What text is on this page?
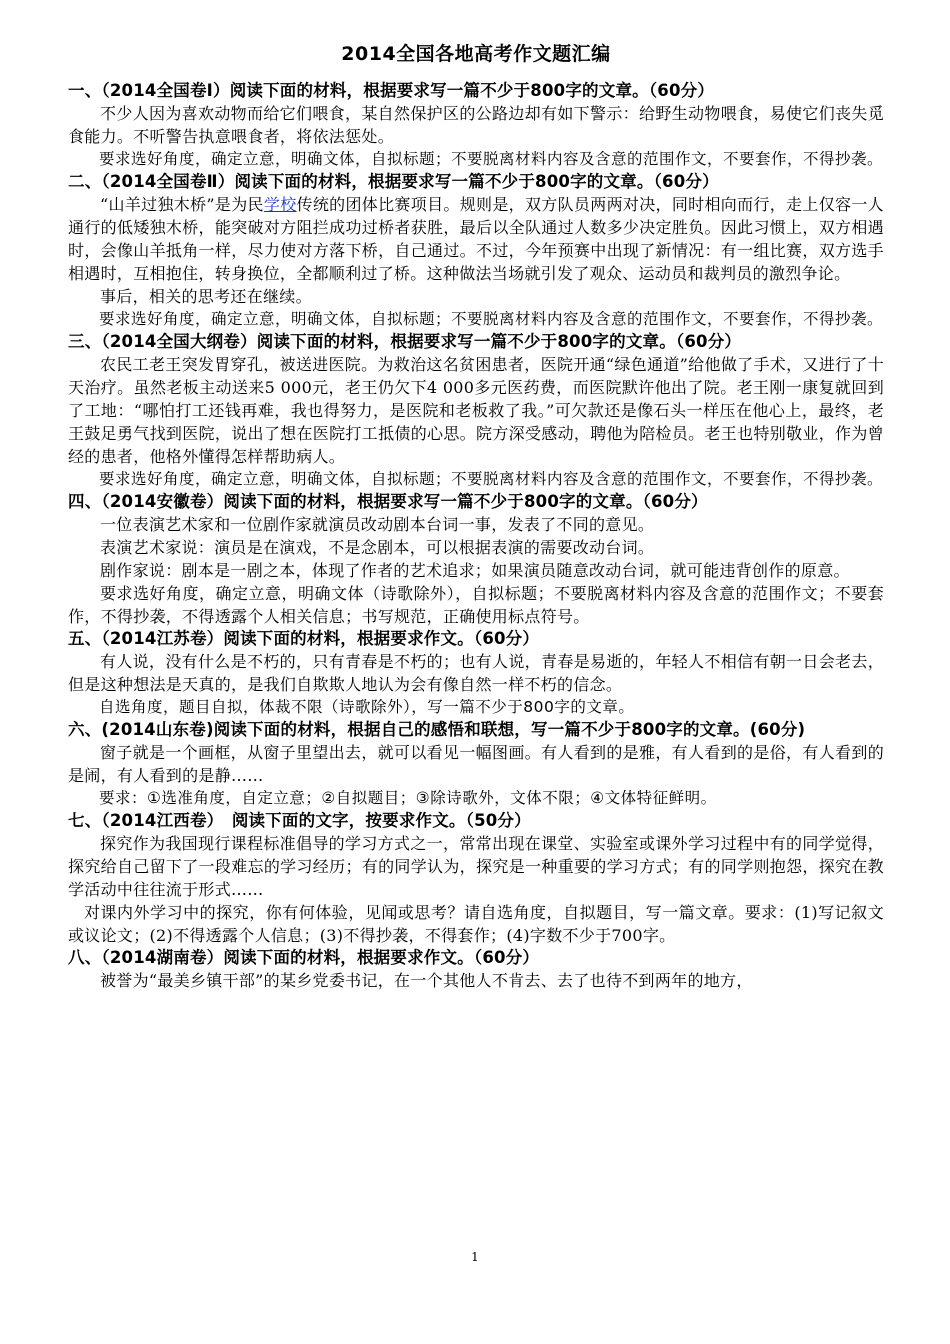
2014全国各地高考作文题汇编
一、（2014全国卷Ⅰ）阅读下面的材料，根据要求写一篇不少于800字的文章。（60分）

不少人因为喜欢动物而给它们喂食，某自然保护区的公路边却有如下警示：给野生动物喂食，易使它们丧失觅食能力。不听警告执意喂食者，将依法惩处。

要求选好角度，确定立意，明确文体，自拟标题；不要脱离材料内容及含意的范围作文，不要套作，不得抄袭。

二、（2014全国卷Ⅱ）阅读下面的材料，根据要求写一篇不少于800字的文章。（60分）

“山羊过独木桥”是为民学校传统的团体比赛项目。规则是，双方队员两两对决，同时相向而行，走上仅容一人通行的低矮独木桥，能突破对方阻拦成功过桥者获胜，最后以全队通过人数多少决定胜负。因此习惯上，双方相遇时，会像山羊抵角一样，尽力使对方落下桥，自己通过。不过，今年预赛中出现了新情况：有一组比赛，双方选手相遇时，互相抱住，转身换位，全都顺利过了桥。这种做法当场就引发了观众、运动员和裁判员的激烈争论。

事后，相关的思考还在继续。

要求选好角度，确定立意，明确文体，自拟标题；不要脱离材料内容及含意的范围作文，不要套作，不得抄袭。

三、（2014全国大纲卷）阅读下面的材料，根据要求写一篇不少于800字的文章。（60分）

农民工老王突发胃穿孔，被送进医院。为救治这名贫困患者，医院开通“绿色通道”给他做了手术，又进行了十天治疗。虽然老板主动送来5 000元，老王仍欠下4 000多元医药费，而医院默许他出了院。老王刚一康复就回到了工地：“哪怕打工还钱再难，我也得努力，是医院和老板救了我。”可欠款还是像石头一样压在他心上，最终，老王鼓足勇气找到医院，说出了想在医院打工抵债的心思。院方深受感动，聘他为陪检员。老王也特别敬业，作为曾经的患者，他格外懂得怎样帮助病人。

要求选好角度，确定立意，明确文体，自拟标题；不要脱离材料内容及含意的范围作文，不要套作，不得抄袭。

四、（2014安徽卷）阅读下面的材料，根据要求写一篇不少于800字的文章。（60分）

一位表演艺术家和一位剧作家就演员改动剧本台词一事，发表了不同的意见。

表演艺术家说：演员是在演戏，不是念剧本，可以根据表演的需要改动台词。

剧作家说：剧本是一剧之本，体现了作者的艺术追求；如果演员随意改动台词，就可能违背创作的原意。

要求选好角度，确定立意，明确文体（诗歌除外），自拟标题；不要脱离材料内容及含意的范围作文；不要套作，不得抄袭，不得透露个人相关信息；书写规范，正确使用标点符号。

五、（2014江苏卷）阅读下面的材料，根据要求作文。（60分）

有人说，没有什么是不朽的，只有青春是不朽的；也有人说，青春是易逝的，年轻人不相信有朝一日会老去，但是这种想法是天真的，是我们自欺欺人地认为会有像自然一样不朽的信念。

自选角度，题目自拟，体裁不限（诗歌除外），写一篇不少于800字的文章。

六、(2014山东卷)阅读下面的材料，根据自己的感悟和联想，写一篇不少于800字的文章。(60分)

窗子就是一个画框，从窗子里望出去，就可以看见一幅图画。有人看到的是雅，有人看到的是俗，有人看到的是闹，有人看到的是静……

要求：①选准角度，自定立意；②自拟题目；③除诗歌外，文体不限；④文体特征鲜明。

七、（2014江西卷）　阅读下面的文字，按要求作文。（50分）

探究作为我国现行课程标准倡导的学习方式之一，常常出现在课堂、实验室或课外学习过程中有的同学觉得，探究给自己留下了一段难忘的学习经历；有的同学认为，探究是一种重要的学习方式；有的同学则抱怨，探究在教学活动中往往流于形式……

对课内外学习中的探究，你有何体验，见闻或思考？请自选角度，自拟题目，写一篇文章。要求：(1)写记叙文或议论文；(2)不得透露个人信息；(3)不得抄袭，不得套作；(4)字数不少于700字。

八、（2014湖南卷）阅读下面的材料，根据要求作文。（60分）

被誉为“最美乡镇干部”的某乡党委书记，在一个其他人不肯去、去了也待不到两年的地方，

1
